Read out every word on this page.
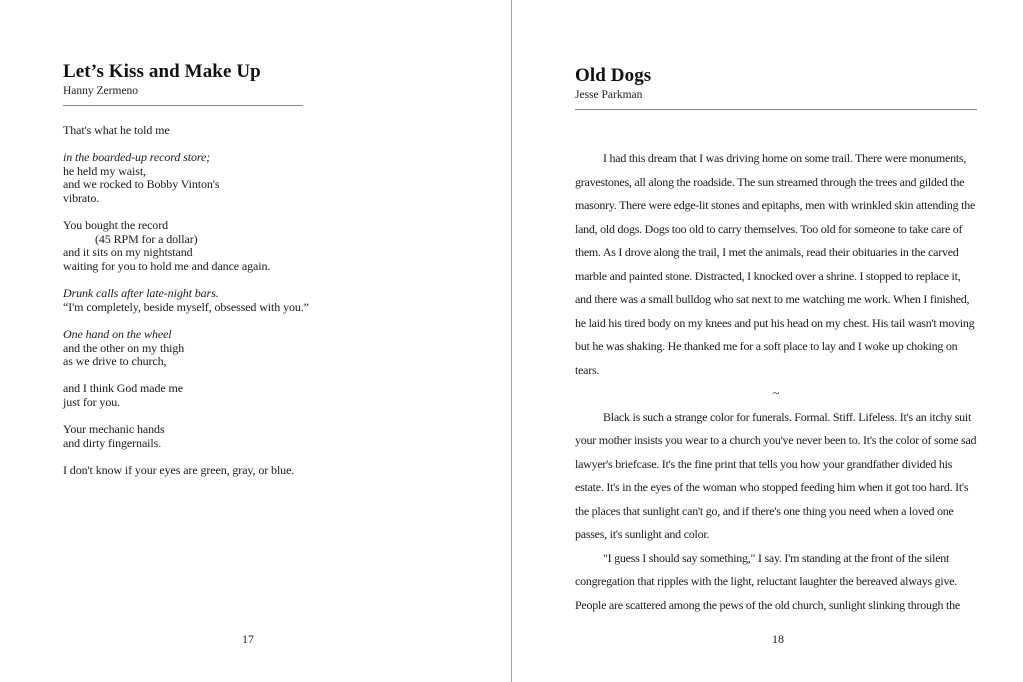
Let’s Kiss and Make Up
Hanny Zermeno
That's what he told me
in the boarded-up record store;
he held my waist,
and we rocked to Bobby Vinton's
vibrato.
You bought the record
(45 RPM for a dollar)
and it sits on my nightstand
waiting for you to hold me and dance again.
Drunk calls after late-night bars.
“I'm completely, beside myself, obsessed with you.”
One hand on the wheel
and the other on my thigh
as we drive to church,
and I think God made me
just for you.
Your mechanic hands
and dirty fingernails.
I don't know if your eyes are green, gray, or blue.
17
Old Dogs
Jesse Parkman
I had this dream that I was driving home on some trail. There were monuments,
gravestones, all along the roadside. The sun streamed through the trees and gilded the
masonry. There were edge-lit stones and epitaphs, men with wrinkled skin attending the
land, old dogs. Dogs too old to carry themselves. Too old for someone to take care of
them. As I drove along the trail, I met the animals, read their obituaries in the carved
marble and painted stone. Distracted, I knocked over a shrine. I stopped to replace it,
and there was a small bulldog who sat next to me watching me work. When I finished,
he laid his tired body on my knees and put his head on my chest. His tail wasn't moving
but he was shaking. He thanked me for a soft place to lay and I woke up choking on
tears.
~
Black is such a strange color for funerals. Formal. Stiff. Lifeless. It's an itchy suit
your mother insists you wear to a church you've never been to. It's the color of some sad
lawyer's briefcase. It's the fine print that tells you how your grandfather divided his
estate. It's in the eyes of the woman who stopped feeding him when it got too hard. It's
the places that sunlight can't go, and if there's one thing you need when a loved one
passes, it's sunlight and color.
"I guess I should say something," I say. I'm standing at the front of the silent
congregation that ripples with the light, reluctant laughter the bereaved always give.
People are scattered among the pews of the old church, sunlight slinking through the
18
